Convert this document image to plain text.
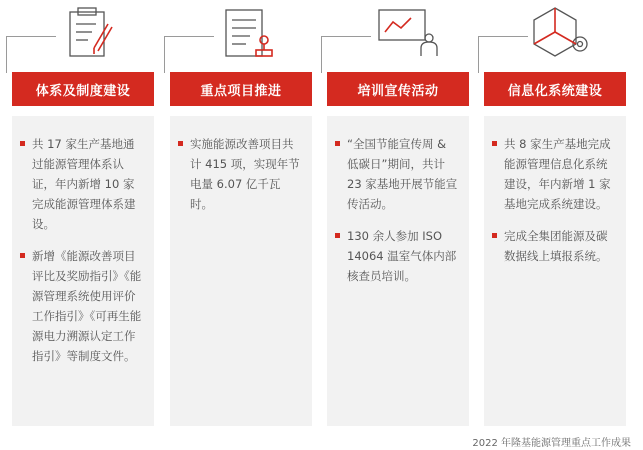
体系及制度建设
共 17 家生产基地通过能源管理体系认证，年内新增 10 家完成能源管理体系建设。
新增《能源改善项目评比及奖励指引》《能源管理系统使用评价工作指引》《可再生能源电力溯源认定工作指引》等制度文件。
重点项目推进
实施能源改善项目共计 415 项，实现年节电量 6.07 亿千瓦时。
培训宣传活动
“全国节能宣传周 & 低碳日”期间，共计 23 家基地开展节能宣传活动。
130 余人参加 ISO 14064 温室气体内部核查员培训。
信息化系统建设
共 8 家生产基地完成能源管理信息化系统建设，年内新增 1 家基地完成系统建设。
完成全集团能源及碳数据线上填报系统。
2022 年隆基能源管理重点工作成果
